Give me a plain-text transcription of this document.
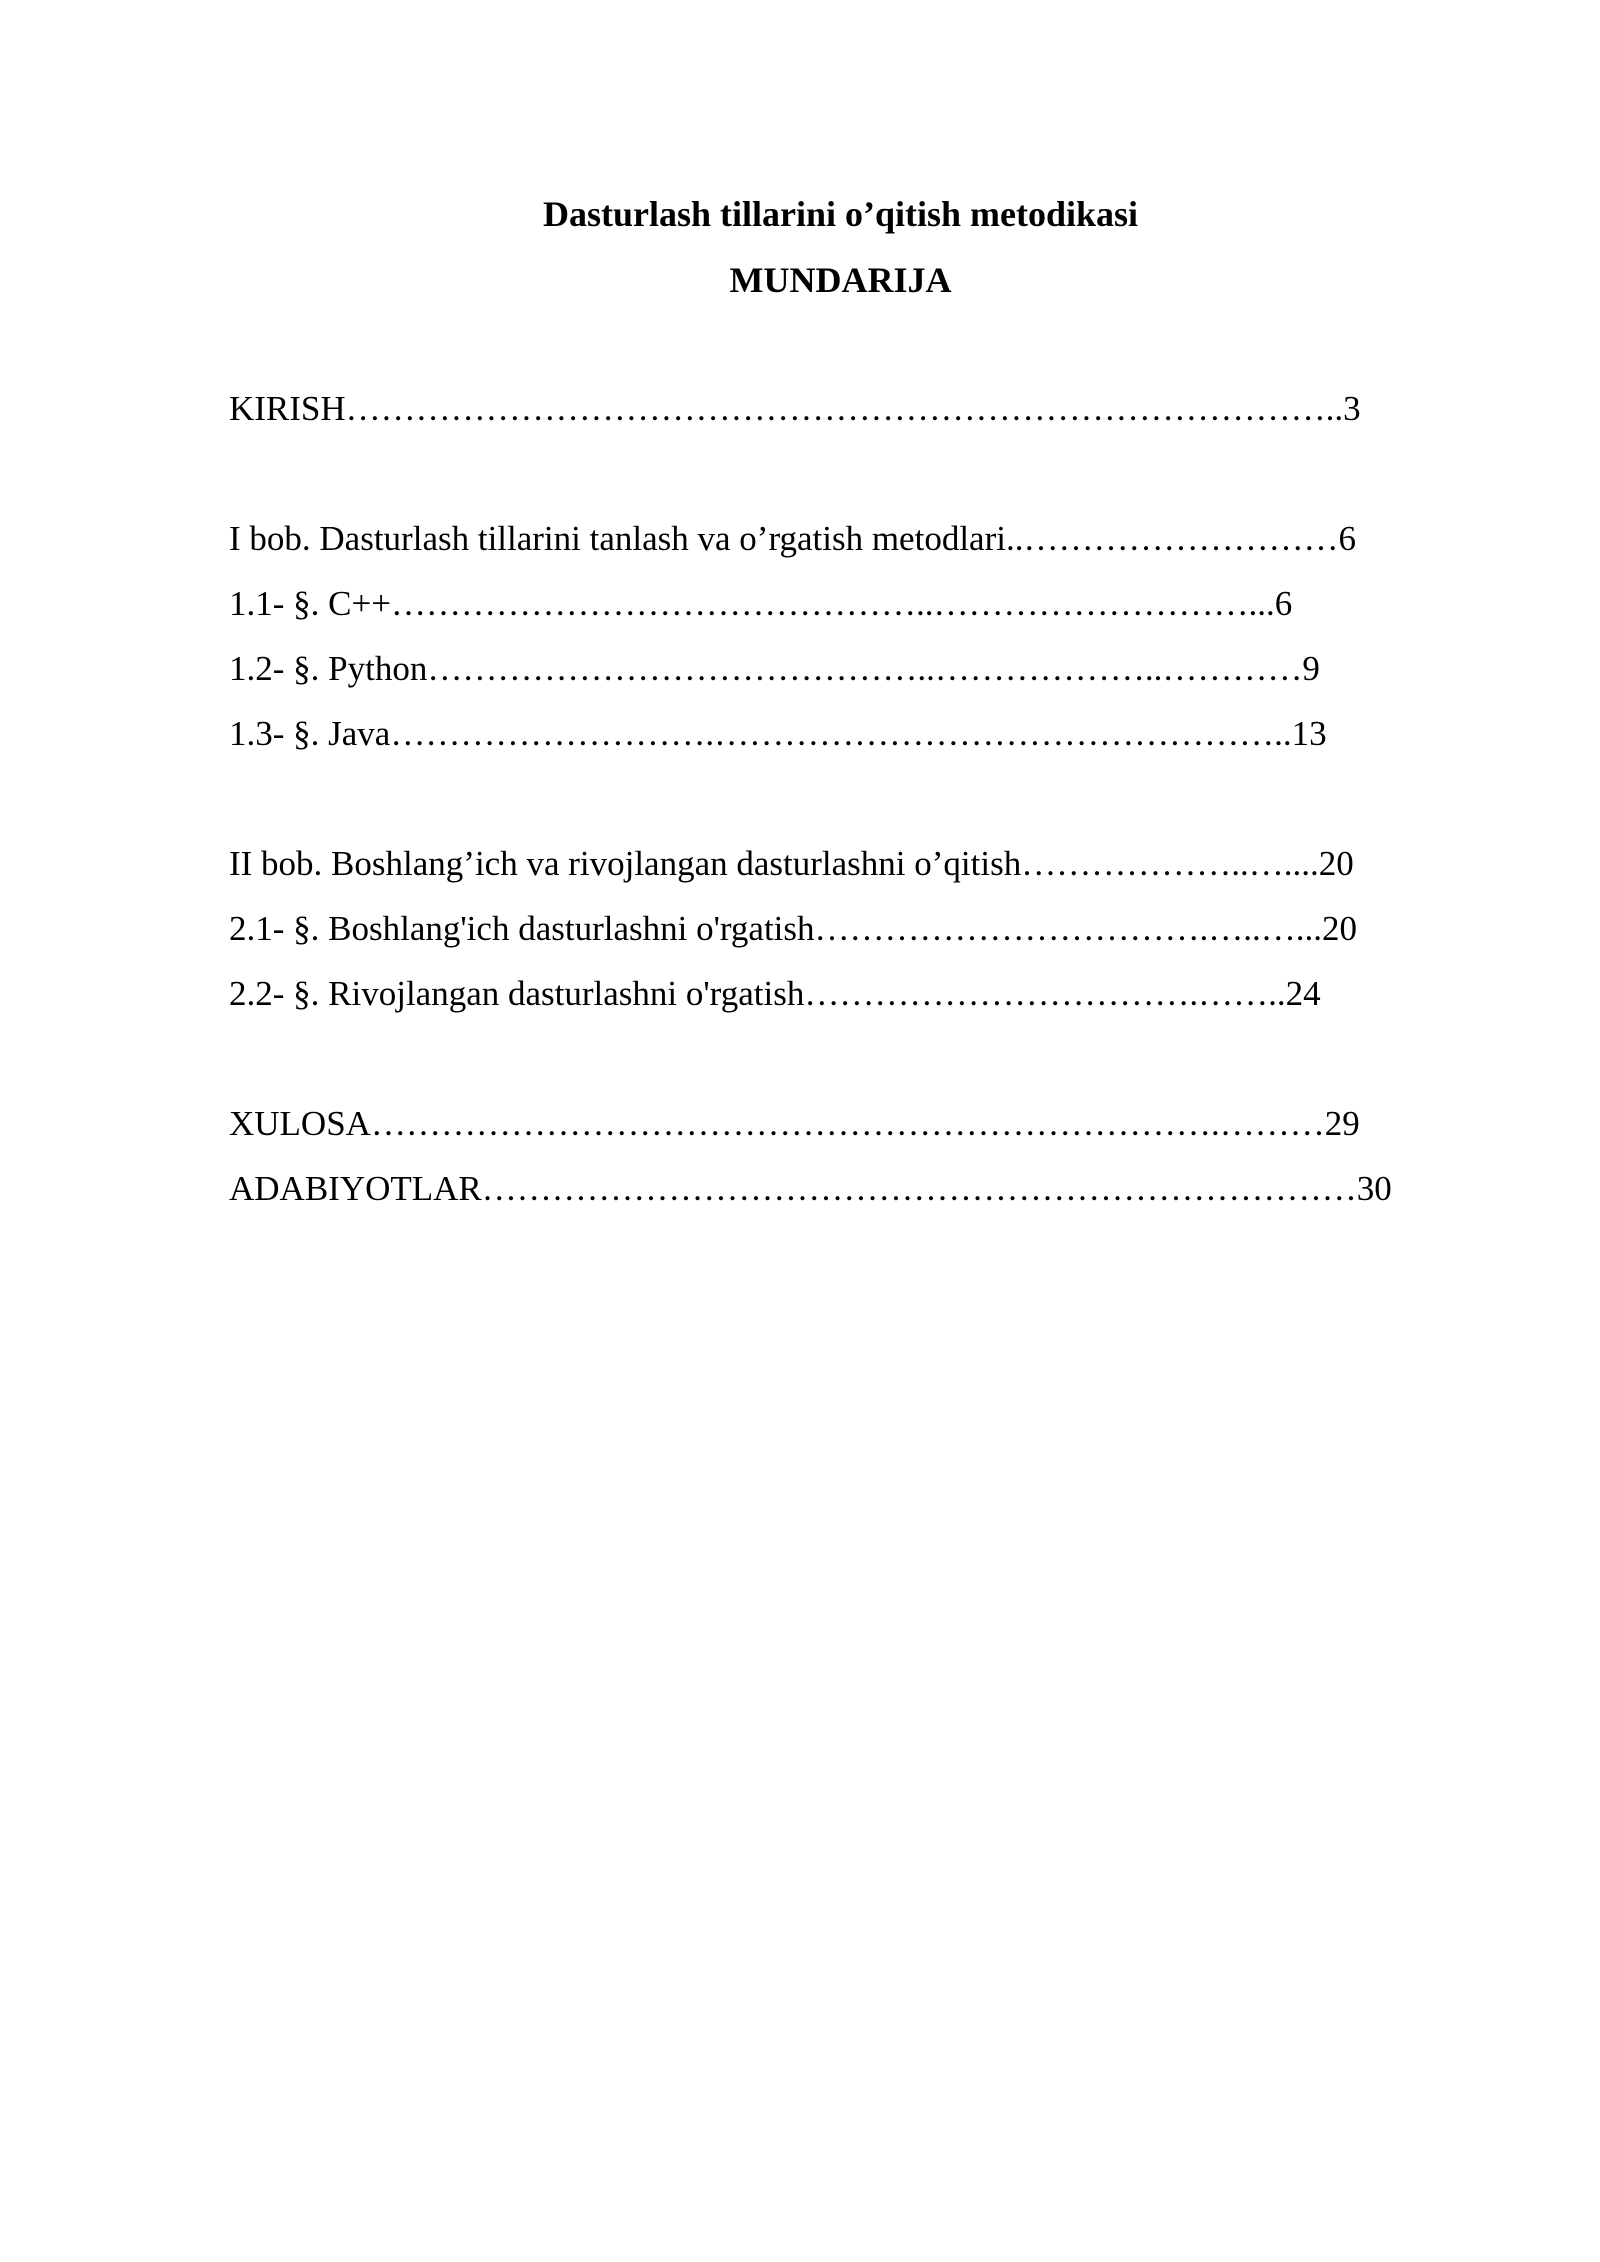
Dasturlash tillarini o’qitish metodikasi
MUNDARIJA
KIRISH…………………………………………………………………………..3
I bob. Dasturlash tillarini tanlash va o’rgatish metodlari..………………………6
1.1- §. C++………………………………………..………………………...6
1.2- §. Python……………………………………..………………..…………9
1.3- §. Java……………………….…………………………………………..13
II bob. Boshlang’ich va rivojlangan dasturlashni o’qitish………………..…....20
2.1- §. Boshlang'ich dasturlashni o'rgatish…………………………….…..…...20
2.2- §. Rivojlangan dasturlashni o'rgatish…………………………….……..24
XULOSA……………………………………………………………….………29
ADABIYOTLAR…………………………………………………………………30
